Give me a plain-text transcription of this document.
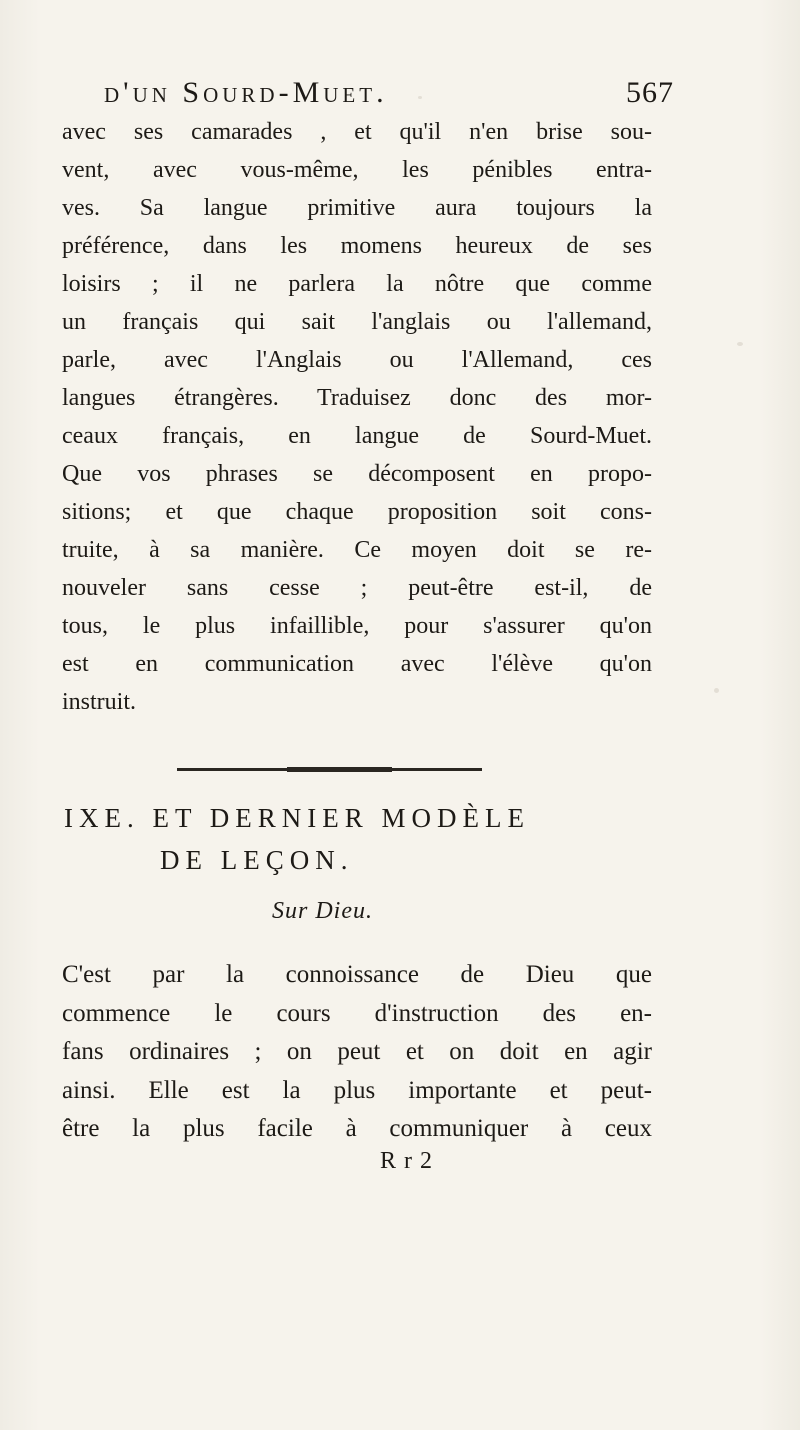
d'un Sourd-Muet.	567
avec ses camarades , et qu'il n'en brise sou-
vent, avec vous-même, les pénibles entra-
ves. Sa langue primitive aura toujours la
préférence, dans les momens heureux de ses
loisirs ; il ne parlera la nôtre que comme
un français qui sait l'anglais ou l'allemand,
parle, avec l'Anglais ou l'Allemand, ces
langues étrangères. Traduisez donc des mor-
ceaux français, en langue de Sourd-Muet.
Que vos phrases se décomposent en propo-
sitions; et que chaque proposition soit cons-
truite, à sa manière. Ce moyen doit se re-
nouveler sans cesse ; peut-être est-il, de
tous, le plus infaillible, pour s'assurer qu'on
est en communication avec l'élève qu'on
instruit.
IXE. ET DERNIER MODÈLE
DE LEÇON.
Sur Dieu.
C'est par la connoissance de Dieu que
commence le cours d'instruction des en-
fans ordinaires ; on peut et on doit en agir
ainsi. Elle est la plus importante et peut-
être la plus facile à communiquer à ceux
Rr2
